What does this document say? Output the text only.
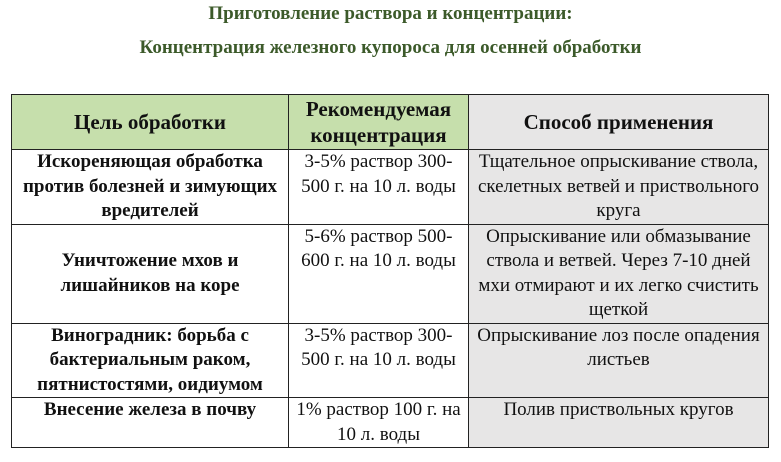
Приготовление раствора и концентрации:
Концентрация железного купороса для осенней обработки
Цель обработки	Рекомендуемая концентрация	Способ применения
Искореняющая обработка против болезней и зимующих вредителей	3-5% раствор 300-500 г. на 10 л. воды	Тщательное опрыскивание ствола, скелетных ветвей и приствольного круга
Уничтожение мхов и лишайников на коре	5-6% раствор 500-600 г. на 10 л. воды	Опрыскивание или обмазывание ствола и ветвей. Через 7-10 дней мхи отмирают и их легко счистить щеткой
Виноградник: борьба с бактериальным раком, пятнистостями, оидиумом	3-5% раствор 300-500 г. на 10 л. воды	Опрыскивание лоз после опадения листьев
Внесение железа в почву	1% раствор 100 г. на 10 л. воды	Полив приствольных кругов
